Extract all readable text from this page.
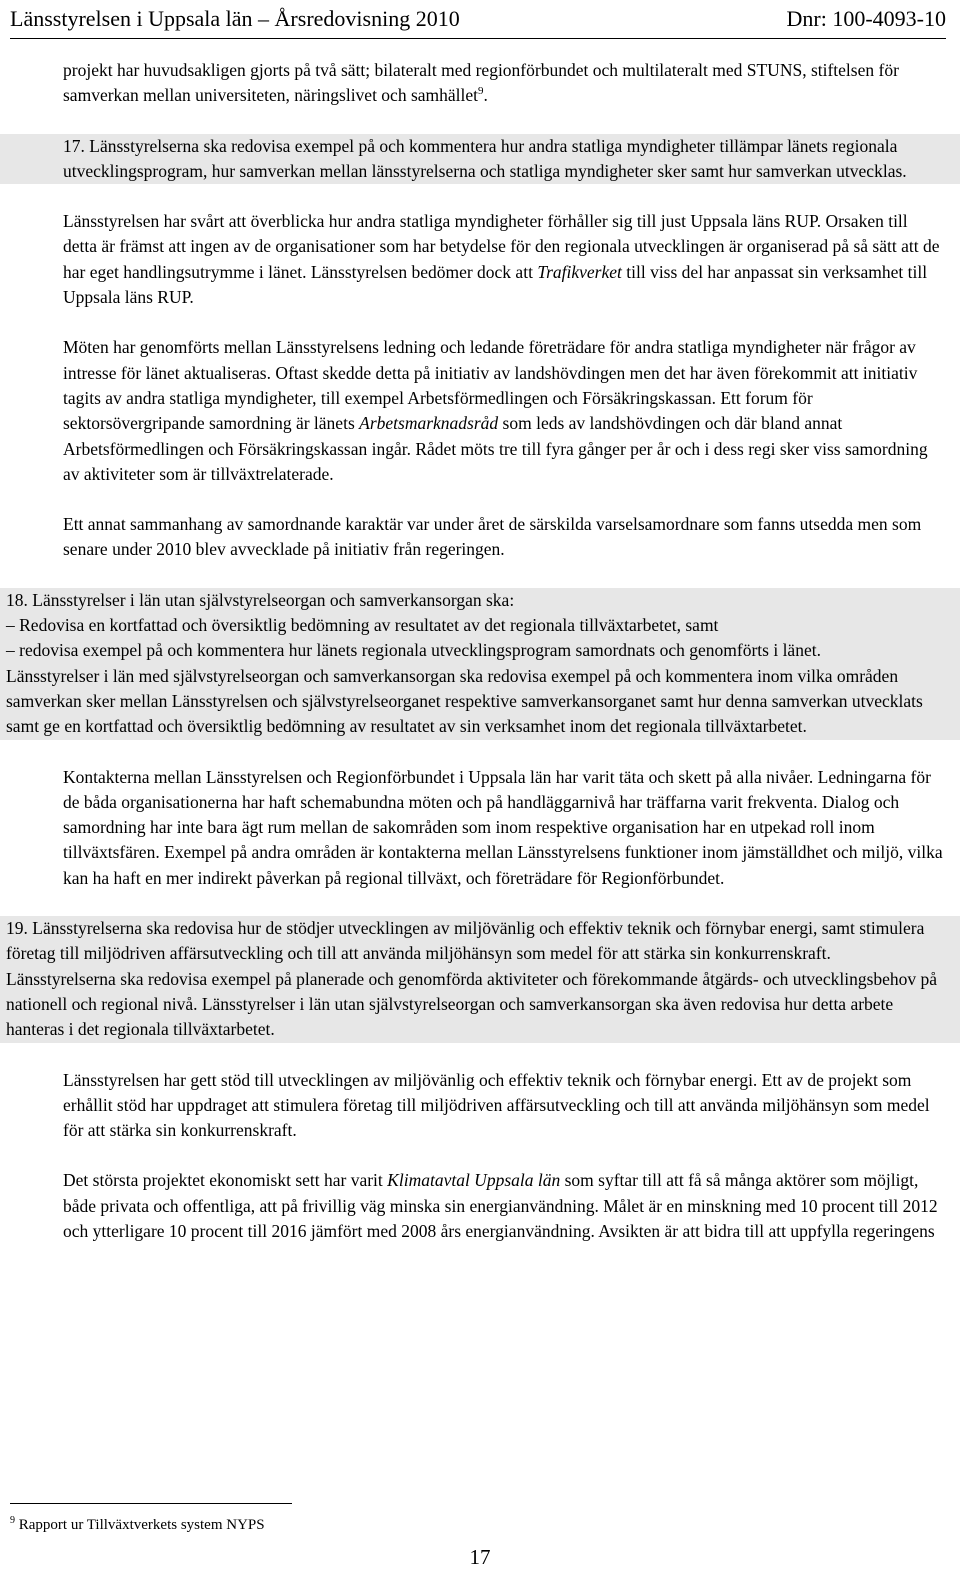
Länsstyrelsen i Uppsala län – Årsredovisning 2010	Dnr: 100-4093-10

projekt har huvudsakligen gjorts på två sätt; bilateralt med regionförbundet och multilateralt med STUNS, stiftelsen för samverkan mellan universiteten, näringslivet och samhället$^9$.

17. Länsstyrelserna ska redovisa exempel på och kommentera hur andra statliga myndigheter tillämpar länets regionala utvecklingsprogram, hur samverkan mellan länsstyrelserna och statliga myndigheter sker samt hur samverkan utvecklas.

Länsstyrelsen har svårt att överblicka hur andra statliga myndigheter förhåller sig till just Uppsala läns RUP. Orsaken till detta är främst att ingen av de organisationer som har betydelse för den regionala utvecklingen är organiserad på så sätt att de har eget handlingsutrymme i länet. Länsstyrelsen bedömer dock att Trafikverket till viss del har anpassat sin verksamhet till Uppsala läns RUP.

Möten har genomförts mellan Länsstyrelsens ledning och ledande företrädare för andra statliga myndigheter när frågor av intresse för länet aktualiseras. Oftast skedde detta på initiativ av landshövdingen men det har även förekommit att initiativ tagits av andra statliga myndigheter, till exempel Arbetsförmedlingen och Försäkringskassan. Ett forum för sektorsövergripande samordning är länets Arbetsmarknadsråd som leds av landshövdingen och där bland annat Arbetsförmedlingen och Försäkringskassan ingår. Rådet möts tre till fyra gånger per år och i dess regi sker viss samordning av aktiviteter som är tillväxtrelaterade.

Ett annat sammanhang av samordnande karaktär var under året de särskilda varselsamordnare som fanns utsedda men som senare under 2010 blev avvecklade på initiativ från regeringen.

18. Länsstyrelser i län utan självstyrelseorgan och samverkansorgan ska:
– Redovisa en kortfattad och översiktlig bedömning av resultatet av det regionala tillväxtarbetet, samt
– redovisa exempel på och kommentera hur länets regionala utvecklingsprogram samordnats och genomförts i länet.
Länsstyrelser i län med självstyrelseorgan och samverkansorgan ska redovisa exempel på och kommentera inom vilka områden samverkan sker mellan Länsstyrelsen och självstyrelseorganet respektive samverkansorganet samt hur denna samverkan utvecklats samt ge en kortfattad och översiktlig bedömning av resultatet av sin verksamhet inom det regionala tillväxtarbetet.

Kontakterna mellan Länsstyrelsen och Regionförbundet i Uppsala län har varit täta och skett på alla nivåer. Ledningarna för de båda organisationerna har haft schemabundna möten och på handläggarnivå har träffarna varit frekventa. Dialog och samordning har inte bara ägt rum mellan de sakområden som inom respektive organisation har en utpekad roll inom tillväxtsfären. Exempel på andra områden är kontakterna mellan Länsstyrelsens funktioner inom jämställdhet och miljö, vilka kan ha haft en mer indirekt påverkan på regional tillväxt, och företrädare för Regionförbundet.

19. Länsstyrelserna ska redovisa hur de stödjer utvecklingen av miljövänlig och effektiv teknik och förnybar energi, samt stimulera företag till miljödriven affärsutveckling och till att använda miljöhänsyn som medel för att stärka sin konkurrenskraft. Länsstyrelserna ska redovisa exempel på planerade och genomförda aktiviteter och förekommande åtgärds- och utvecklingsbehov på nationell och regional nivå. Länsstyrelser i län utan självstyrelseorgan och samverkansorgan ska även redovisa hur detta arbete hanteras i det regionala tillväxtarbetet.

Länsstyrelsen har gett stöd till utvecklingen av miljövänlig och effektiv teknik och förnybar energi. Ett av de projekt som erhållit stöd har uppdraget att stimulera företag till miljödriven affärsutveckling och till att använda miljöhänsyn som medel för att stärka sin konkurrenskraft.

Det största projektet ekonomiskt sett har varit Klimatavtal Uppsala län som syftar till att få så många aktörer som möjligt, både privata och offentliga, att på frivillig väg minska sin energianvändning. Målet är en minskning med 10 procent till 2012 och ytterligare 10 procent till 2016 jämfört med 2008 års energianvändning. Avsikten är att bidra till att uppfylla regeringens

$^9$ Rapport ur Tillväxtverkets system NYPS
17
